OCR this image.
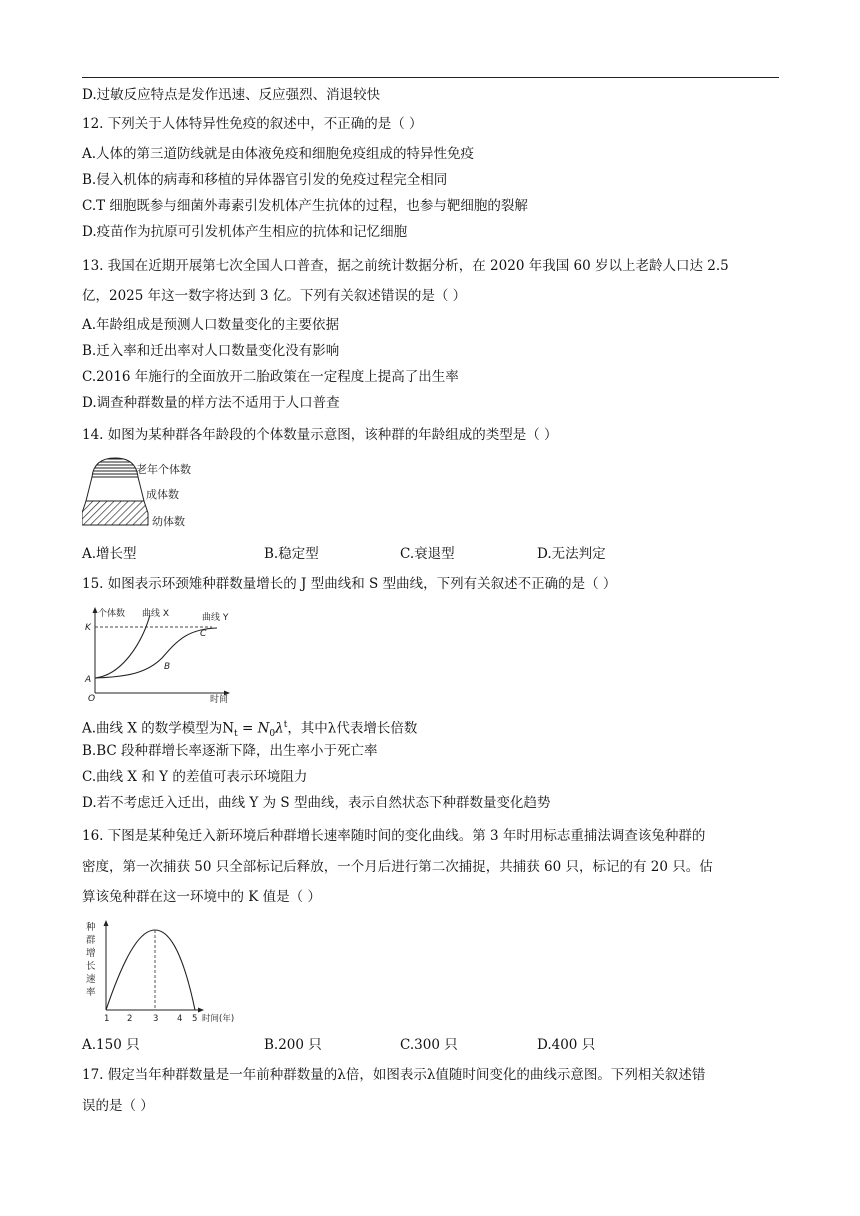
D.过敏反应特点是发作迅速、反应强烈、消退较快
12. 下列关于人体特异性免疫的叙述中，不正确的是（ ）
A.人体的第三道防线就是由体液免疫和细胞免疫组成的特异性免疫
B.侵入机体的病毒和移植的异体器官引发的免疫过程完全相同
C.T 细胞既参与细菌外毒素引发机体产生抗体的过程，也参与靶细胞的裂解
D.疫苗作为抗原可引发机体产生相应的抗体和记忆细胞
13. 我国在近期开展第七次全国人口普查，据之前统计数据分析，在 2020 年我国 60 岁以上老龄人口达 2.5
亿，2025 年这一数字将达到 3 亿。下列有关叙述错误的是（ ）
A.年龄组成是预测人口数量变化的主要依据
B.迁入率和迁出率对人口数量变化没有影响
C.2016 年施行的全面放开二胎政策在一定程度上提高了出生率
D.调查种群数量的样方法不适用于人口普查
14. 如图为某种群各年龄段的个体数量示意图，该种群的年龄组成的类型是（ ）
老年个体数
成体数
幼体数
A.增长型	B.稳定型	C.衰退型	D.无法判定
15. 如图表示环颈雉种群数量增长的 J 型曲线和 S 型曲线，下列有关叙述不正确的是（ ）
个体数 曲线 X	曲线 Y
K
A
B
C
O	时间
A.曲线 X 的数学模型为$N_t = N_0\lambda^t$，其中λ代表增长倍数
B.BC 段种群增长率逐渐下降，出生率小于死亡率
C.曲线 X 和 Y 的差值可表示环境阻力
D.若不考虑迁入迁出，曲线 Y 为 S 型曲线，表示自然状态下种群数量变化趋势
16. 下图是某种兔迁入新环境后种群增长速率随时间的变化曲线。第 3 年时用标志重捕法调查该兔种群的
密度，第一次捕获 50 只全部标记后释放，一个月后进行第二次捕捉，共捕获 60 只，标记的有 20 只。估
算该兔种群在这一环境中的 K 值是（ ）
种
群
增
长
速
率
1 2 3 4 5 时间(年)
A.150 只	B.200 只	C.300 只	D.400 只
17. 假定当年种群数量是一年前种群数量的λ倍，如图表示λ值随时间变化的曲线示意图。下列相关叙述错
误的是（ ）
